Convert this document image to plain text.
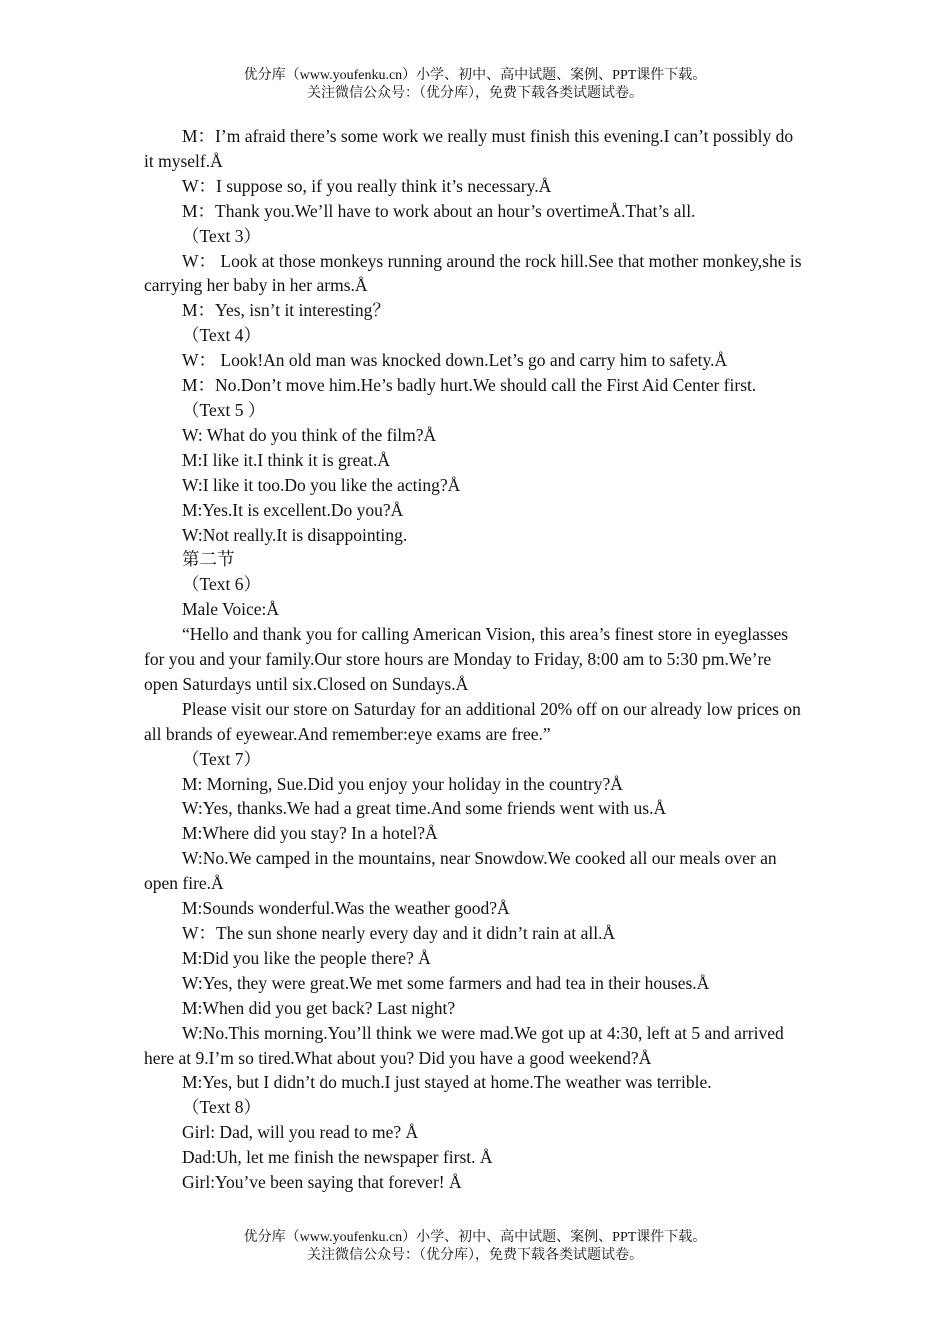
优分库（www.youfenku.cn）小学、初中、高中试题、案例、PPT课件下载。
关注微信公众号：（优分库），免费下载各类试题试卷。

M：I’m afraid there’s some work we really must finish this evening.I can’t possibly do it myself.Å

W：I suppose so, if you really think it’s necessary.Å

M：Thank you.We’ll have to work about an hour’s overtimeÅ.That’s all.

（Text 3）

W： Look at those monkeys running around the rock hill.See that mother monkey,she is carrying her baby in her arms.Å

M：Yes, isn’t it interesting？

（Text 4）

W： Look!An old man was knocked down.Let’s go and carry him to safety.Å

M：No.Don’t move him.He’s badly hurt.We should call the First Aid Center first.

（Text 5 ）

W: What do you think of the film?Å

M:I like it.I think it is great.Å

W:I like it too.Do you like the acting?Å

M:Yes.It is excellent.Do you?Å

W:Not really.It is disappointing.

第二节

（Text 6）

Male Voice:Å

“Hello and thank you for calling American Vision, this area’s finest store in eyeglasses for you and your family.Our store hours are Monday to Friday, 8:00 am to 5:30 pm.We’re open Saturdays until six.Closed on Sundays.Å

Please visit our store on Saturday for an additional 20% off on our already low prices on all brands of eyewear.And remember:eye exams are free.”

（Text 7）

M: Morning, Sue.Did you enjoy your holiday in the country?Å

W:Yes, thanks.We had a great time.And some friends went with us.Å

M:Where did you stay? In a hotel?Å

W:No.We camped in the mountains, near Snowdow.We cooked all our meals over an open fire.Å

M:Sounds wonderful.Was the weather good?Å

W：The sun shone nearly every day and it didn’t rain at all.Å

M:Did you like the people there? Å

W:Yes, they were great.We met some farmers and had tea in their houses.Å

M:When did you get back? Last night?

W:No.This morning.You’ll think we were mad.We got up at 4:30, left at 5 and arrived here at 9.I’m so tired.What about you? Did you have a good weekend?Å

M:Yes, but I didn’t do much.I just stayed at home.The weather was terrible.

（Text 8）

Girl: Dad, will you read to me? Å

Dad:Uh, let me finish the newspaper first. Å

Girl:You’ve been saying that forever! Å

优分库（www.youfenku.cn）小学、初中、高中试题、案例、PPT课件下载。
关注微信公众号：（优分库），免费下载各类试题试卷。
